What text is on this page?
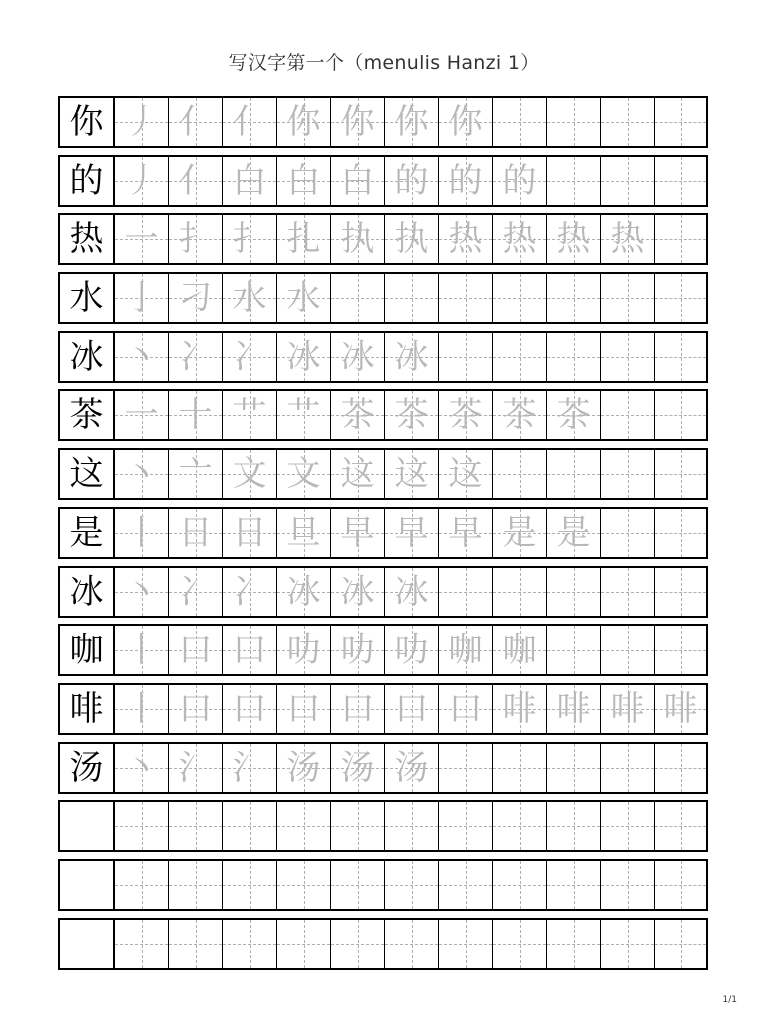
写汉字第一个（menulis Hanzi 1）
你 丿 亻 亻 你 你 你 你
的 丿 亻 白 白 白 的 的 的
热 一 扌 扌 扎 执 执 热 热 热 热
水 亅 刁 水 水
冰 丶 冫 冫 冰 冰 冰
茶 一 十 艹 艹 茶 茶 茶 茶 茶
这 丶 亠 文 文 这 这 这
是 丨 日 日 旦 早 早 早 是 是
冰 丶 冫 冫 冰 冰 冰
咖 丨 口 口 叻 叻 叻 咖 咖
啡 丨 口 口 口 口 口 口 啡 啡 啡 啡
汤 丶 氵 氵 汤 汤 汤
1/1
